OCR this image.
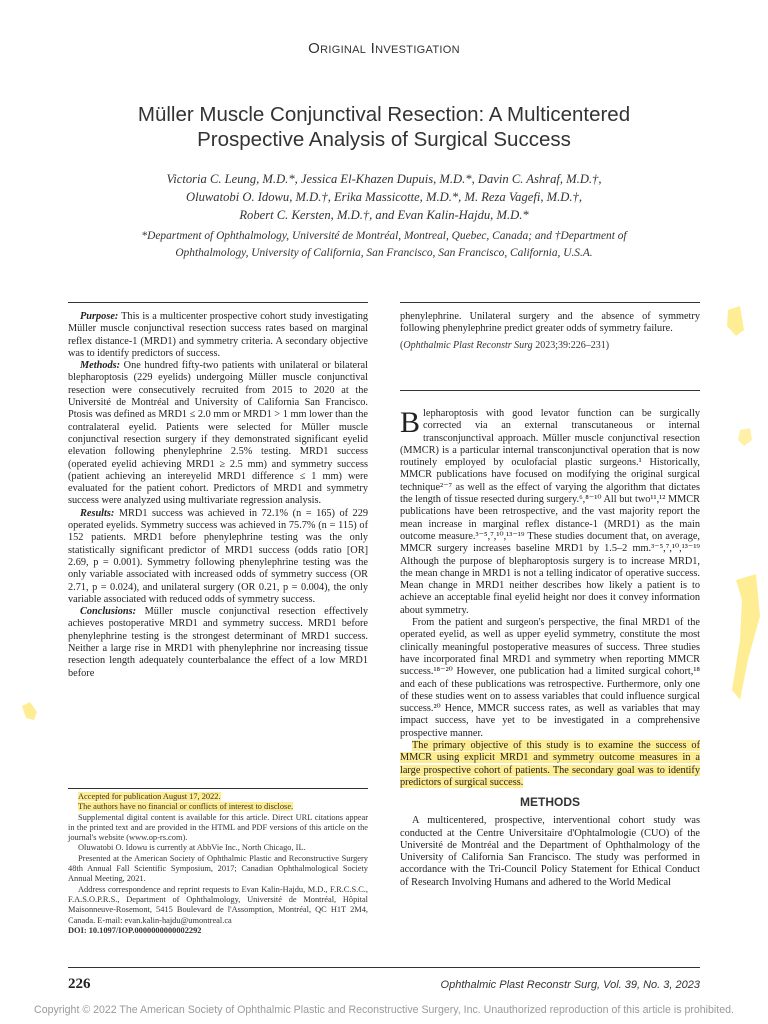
Original Investigation
Müller Muscle Conjunctival Resection: A Multicentered
Prospective Analysis of Surgical Success
Victoria C. Leung, M.D.*, Jessica El-Khazen Dupuis, M.D.*, Davin C. Ashraf, M.D.†,
Oluwatobi O. Idowu, M.D.†, Erika Massicotte, M.D.*, M. Reza Vagefi, M.D.†,
Robert C. Kersten, M.D.†, and Evan Kalin-Hajdu, M.D.*
*Department of Ophthalmology, Université de Montréal, Montreal, Quebec, Canada; and †Department of
Ophthalmology, University of California, San Francisco, San Francisco, California, U.S.A.

Purpose: This is a multicenter prospective cohort study investigating Müller muscle conjunctival resection success rates based on marginal reflex distance-1 (MRD1) and symmetry criteria. A secondary objective was to identify predictors of success.

Methods: One hundred fifty-two patients with unilateral or bilateral blepharoptosis (229 eyelids) undergoing Müller muscle conjunctival resection were consecutively recruited from 2015 to 2020 at the Université de Montréal and University of California San Francisco. Ptosis was defined as MRD1 ≤ 2.0 mm or MRD1 > 1 mm lower than the contralateral eyelid. Patients were selected for Müller muscle conjunctival resection surgery if they demonstrated significant eyelid elevation following phenylephrine 2.5% testing. MRD1 success (operated eyelid achieving MRD1 ≥ 2.5 mm) and symmetry success (patient achieving an intereyelid MRD1 difference ≤ 1 mm) were evaluated for the patient cohort. Predictors of MRD1 and symmetry success were analyzed using multivariate regression analysis.

Results: MRD1 success was achieved in 72.1% (n = 165) of 229 operated eyelids. Symmetry success was achieved in 75.7% (n = 115) of 152 patients. MRD1 before phenylephrine testing was the only statistically significant predictor of MRD1 success (odds ratio [OR] 2.69, p = 0.001). Symmetry following phenylephrine testing was the only variable associated with increased odds of symmetry success (OR 2.71, p = 0.024), and unilateral surgery (OR 0.21, p = 0.004), the only variable associated with reduced odds of symmetry success.

Conclusions: Müller muscle conjunctival resection effectively achieves postoperative MRD1 and symmetry success. MRD1 before phenylephrine testing is the strongest determinant of MRD1 success. Neither a large rise in MRD1 with phenylephrine nor increasing tissue resection length adequately counterbalance the effect of a low MRD1 before

Accepted for publication August 17, 2022.

The authors have no financial or conflicts of interest to disclose.

Supplemental digital content is available for this article. Direct URL citations appear in the printed text and are provided in the HTML and PDF versions of this article on the journal's website (www.op-rs.com).

Oluwatobi O. Idowu is currently at AbbVie Inc., North Chicago, IL.

Presented at the American Society of Ophthalmic Plastic and Reconstructive Surgery 48th Annual Fall Scientific Symposium, 2017; Canadian Ophthalmological Society Annual Meeting, 2021.

Address correspondence and reprint requests to Evan Kalin-Hajdu, M.D., F.R.C.S.C., F.A.S.O.P.R.S., Department of Ophthalmology, Université de Montréal, Hôpital Maisonneuve-Rosemont, 5415 Boulevard de l'Assomption, Montréal, QC H1T 2M4, Canada. E-mail: evan.kalin-hajdu@umontreal.ca

DOI: 10.1097/IOP.0000000000002292

phenylephrine. Unilateral surgery and the absence of symmetry following phenylephrine predict greater odds of symmetry failure.

(Ophthalmic Plast Reconstr Surg 2023;39:226–231)

Blepharoptosis with good levator function can be surgically corrected via an external transcutaneous or internal transconjunctival approach. Müller muscle conjunctival resection (MMCR) is a particular internal transconjunctival operation that is now routinely employed by oculofacial plastic surgeons.¹ Historically, MMCR publications have focused on modifying the original surgical technique²⁻⁷ as well as the effect of varying the algorithm that dictates the length of tissue resected during surgery.⁶,⁸⁻¹⁰ All but two¹¹,¹² MMCR publications have been retrospective, and the vast majority report the mean increase in marginal reflex distance-1 (MRD1) as the main outcome measure.³⁻⁵,⁷,¹⁰,¹³⁻¹⁹ These studies document that, on average, MMCR surgery increases baseline MRD1 by 1.5–2 mm.³⁻⁵,⁷,¹⁰,¹³⁻¹⁹ Although the purpose of blepharoptosis surgery is to increase MRD1, the mean change in MRD1 is not a telling indicator of operative success. Mean change in MRD1 neither describes how likely a patient is to achieve an acceptable final eyelid height nor does it convey information about symmetry.

From the patient and surgeon's perspective, the final MRD1 of the operated eyelid, as well as upper eyelid symmetry, constitute the most clinically meaningful postoperative measures of success. Three studies have incorporated final MRD1 and symmetry when reporting MMCR success.¹⁸⁻²⁰ However, one publication had a limited surgical cohort,¹⁸ and each of these publications was retrospective. Furthermore, only one of these studies went on to assess variables that could influence surgical success.²⁰ Hence, MMCR success rates, as well as variables that may impact success, have yet to be investigated in a comprehensive prospective manner.

The primary objective of this study is to examine the success of MMCR using explicit MRD1 and symmetry outcome measures in a large prospective cohort of patients. The secondary goal was to identify predictors of surgical success.

METHODS

A multicentered, prospective, interventional cohort study was conducted at the Centre Universitaire d'Ophtalmologie (CUO) of the Université de Montréal and the Department of Ophthalmology of the University of California San Francisco. The study was performed in accordance with the Tri-Council Policy Statement for Ethical Conduct of Research Involving Humans and adhered to the World Medical

226	Ophthalmic Plast Reconstr Surg, Vol. 39, No. 3, 2023
Copyright © 2022 The American Society of Ophthalmic Plastic and Reconstructive Surgery, Inc. Unauthorized reproduction of this article is prohibited.
